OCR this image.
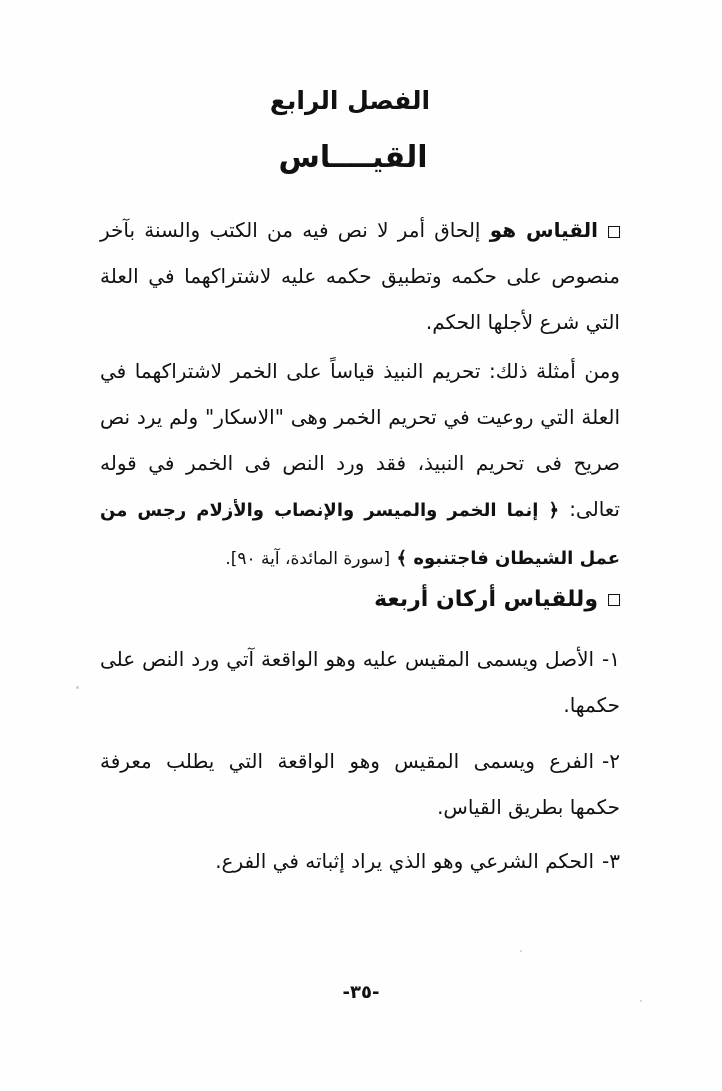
الفصل الرابع
القيــــاس
القياس هو إلحاق أمر لا نص فيه من الكتب والسنة بآخر منصوص على حكمه وتطبيق حكمه عليه لاشتراكهما في العلة التي شرع لأجلها الحكم.
ومن أمثلة ذلك: تحريم النبيذ قياساً على الخمر لاشتراكهما في العلة التي روعيت في تحريم الخمر وهى "الاسكار" ولم يرد نص صريح فى تحريم النبيذ، فقد ورد النص فى الخمر في قوله تعالى: ﴿ إنما الخمر والميسر والإنصاب والأزلام رجس من عمل الشيطان فاجتنبوه ﴾ [سورة المائدة، آية ٩٠].
وللقياس أركان أربعة
١-الأصل ويسمى المقيس عليه وهو الواقعة آتي ورد النص على حكمها.
٢-الفرع ويسمى المقيس وهو الواقعة التي يطلب معرفة حكمها بطريق القياس.
٣-الحكم الشرعي وهو الذي يراد إثباته في الفرع.
-٣٥-
